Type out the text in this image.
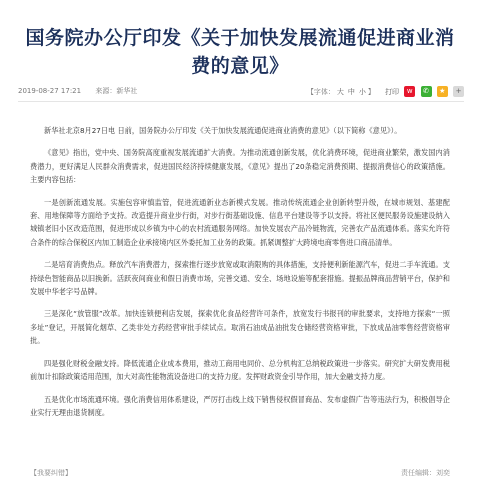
国务院办公厅印发《关于加快发展流通促进商业消费的意见》
2019-08-27 17:21 来源：新华社	【字体： 大 中 小 】 打印 w ✆ ★ +

新华社北京8月27日电 日前，国务院办公厅印发《关于加快发展流通促进商业消费的意见》（以下简称《意见》）。

《意见》指出，党中央、国务院高度重视发展流通扩大消费。为推动流通创新发展，优化消费环境，促进商业繁荣，激发国内消费潜力，更好满足人民群众消费需求，促进国民经济持续健康发展，《意见》提出了20条稳定消费预期、提振消费信心的政策措施。主要内容包括：

一是创新流通发展。实施包容审慎监管，促进流通新业态新模式发展。推动传统流通企业创新转型升级，在城市规划、基建配套、用地保障等方面给予支持。改造提升商业步行街，对步行街基础设施、信息平台建设等予以支持。将社区便民服务设施建设纳入城镇老旧小区改造范围，促进形成以乡镇为中心的农村流通服务网络。加快发展农产品冷链物流，完善农产品流通体系。落实允许符合条件的综合保税区内加工制造企业承接境内区外委托加工业务的政策。抓紧调整扩大跨境电商零售进口商品清单。

二是培育消费热点。释放汽车消费潜力，探索推行逐步放宽或取消限购的具体措施，支持便利新能源汽车，促进二手车流通。支持绿色智能商品以旧换新。活跃夜间商业和假日消费市场，完善交通、安全、场地设施等配套措施。提振品牌商品营销平台，保护和发展中华老字号品牌。

三是深化“放管服”改革。加快连锁便利店发展，探索优化食品经营许可条件，放宽发行书报刊的审批要求，支持地方探索“一照多址”登记，开展简化烟草、乙类非处方药经营审批手续试点。取消石油成品油批发仓储经营资格审批，下放成品油零售经营资格审批。

四是强化财税金融支持。降低流通企业成本费用，推动工商用电同价、总分机构汇总纳税政策进一步落实。研究扩大研发费用税前加计扣除政策适用范围，加大对高性能物流设备进口的支持力度。发挥财政资金引导作用，加大金融支持力度。

五是优化市场流通环境。强化消费信用体系建设，严厉打击线上线下销售侵权假冒商品、发布虚假广告等违法行为，积极倡导企业实行无理由退货制度。

【我要纠错】	责任编辑：刘奕
